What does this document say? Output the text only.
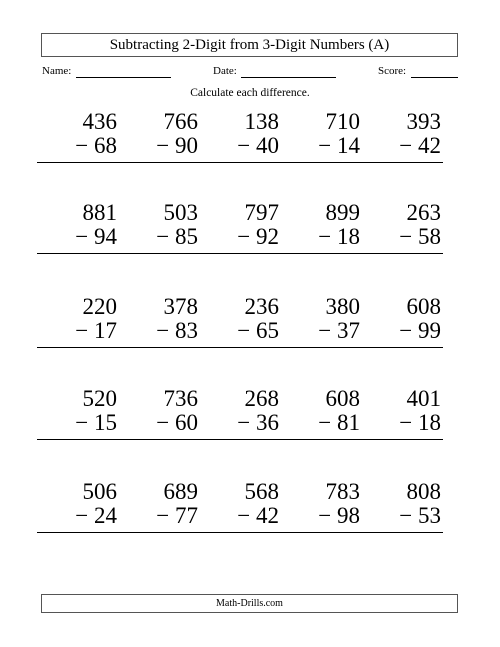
Subtracting 2-Digit from 3-Digit Numbers (A)
Name:	Date:	Score:
Calculate each difference.
436
− 68
766
− 90
138
− 40
710
− 14
393
− 42
881
− 94
503
− 85
797
− 92
899
− 18
263
− 58
220
− 17
378
− 83
236
− 65
380
− 37
608
− 99
520
− 15
736
− 60
268
− 36
608
− 81
401
− 18
506
− 24
689
− 77
568
− 42
783
− 98
808
− 53
Math-Drills.com
